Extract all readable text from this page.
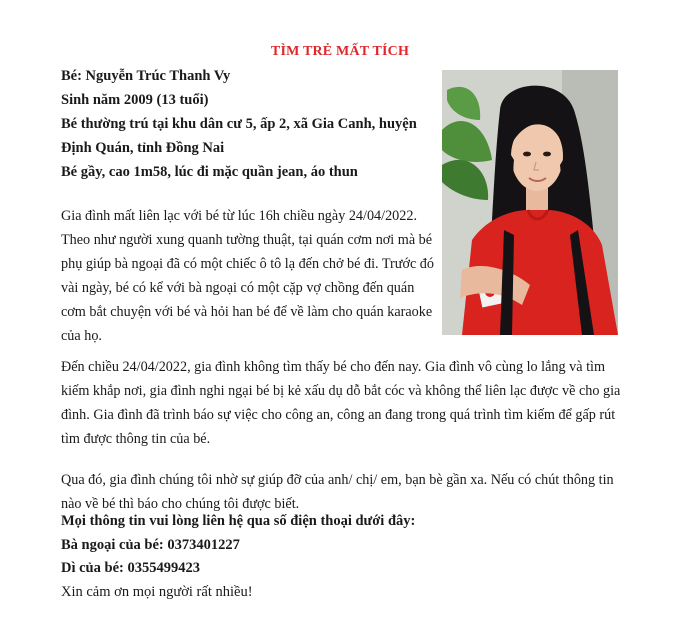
TÌM TRẺ MẤT TÍCH
Bé: Nguyễn Trúc Thanh Vy
Sinh năm 2009 (13 tuổi)
Bé thường trú tại khu dân cư 5, ấp 2, xã Gia Canh, huyện
Định Quán, tỉnh Đồng Nai
Bé gầy, cao 1m58, lúc đi mặc quần jean, áo thun
Gia đình mất liên lạc với bé từ lúc 16h chiều ngày 24/04/2022. Theo như người xung quanh tường thuật, tại quán cơm nơi mà bé phụ giúp bà ngoại đã có một chiếc ô tô lạ đến chở bé đi. Trước đó vài ngày, bé có kể với bà ngoại có một cặp vợ chồng đến quán cơm bắt chuyện với bé và hỏi han bé để về làm cho quán karaoke của họ.
Đến chiều 24/04/2022, gia đình không tìm thấy bé cho đến nay. Gia đình vô cùng lo lắng và tìm kiếm khắp nơi, gia đình nghi ngại bé bị kẻ xấu dụ dỗ bắt cóc và không thể liên lạc được về cho gia đình. Gia đình đã trình báo sự việc cho công an, công an đang trong quá trình tìm kiếm để gấp rút tìm được thông tin của bé.
Qua đó, gia đình chúng tôi nhờ sự giúp đỡ của anh/ chị/ em, bạn bè gần xa. Nếu có chút thông tin nào về bé thì báo cho chúng tôi được biết.
Mọi thông tin vui lòng liên hệ qua số điện thoại dưới đây:
Bà ngoại của bé: 0373401227
Dì của bé: 0355499423
Xin cảm ơn mọi người rất nhiều!
